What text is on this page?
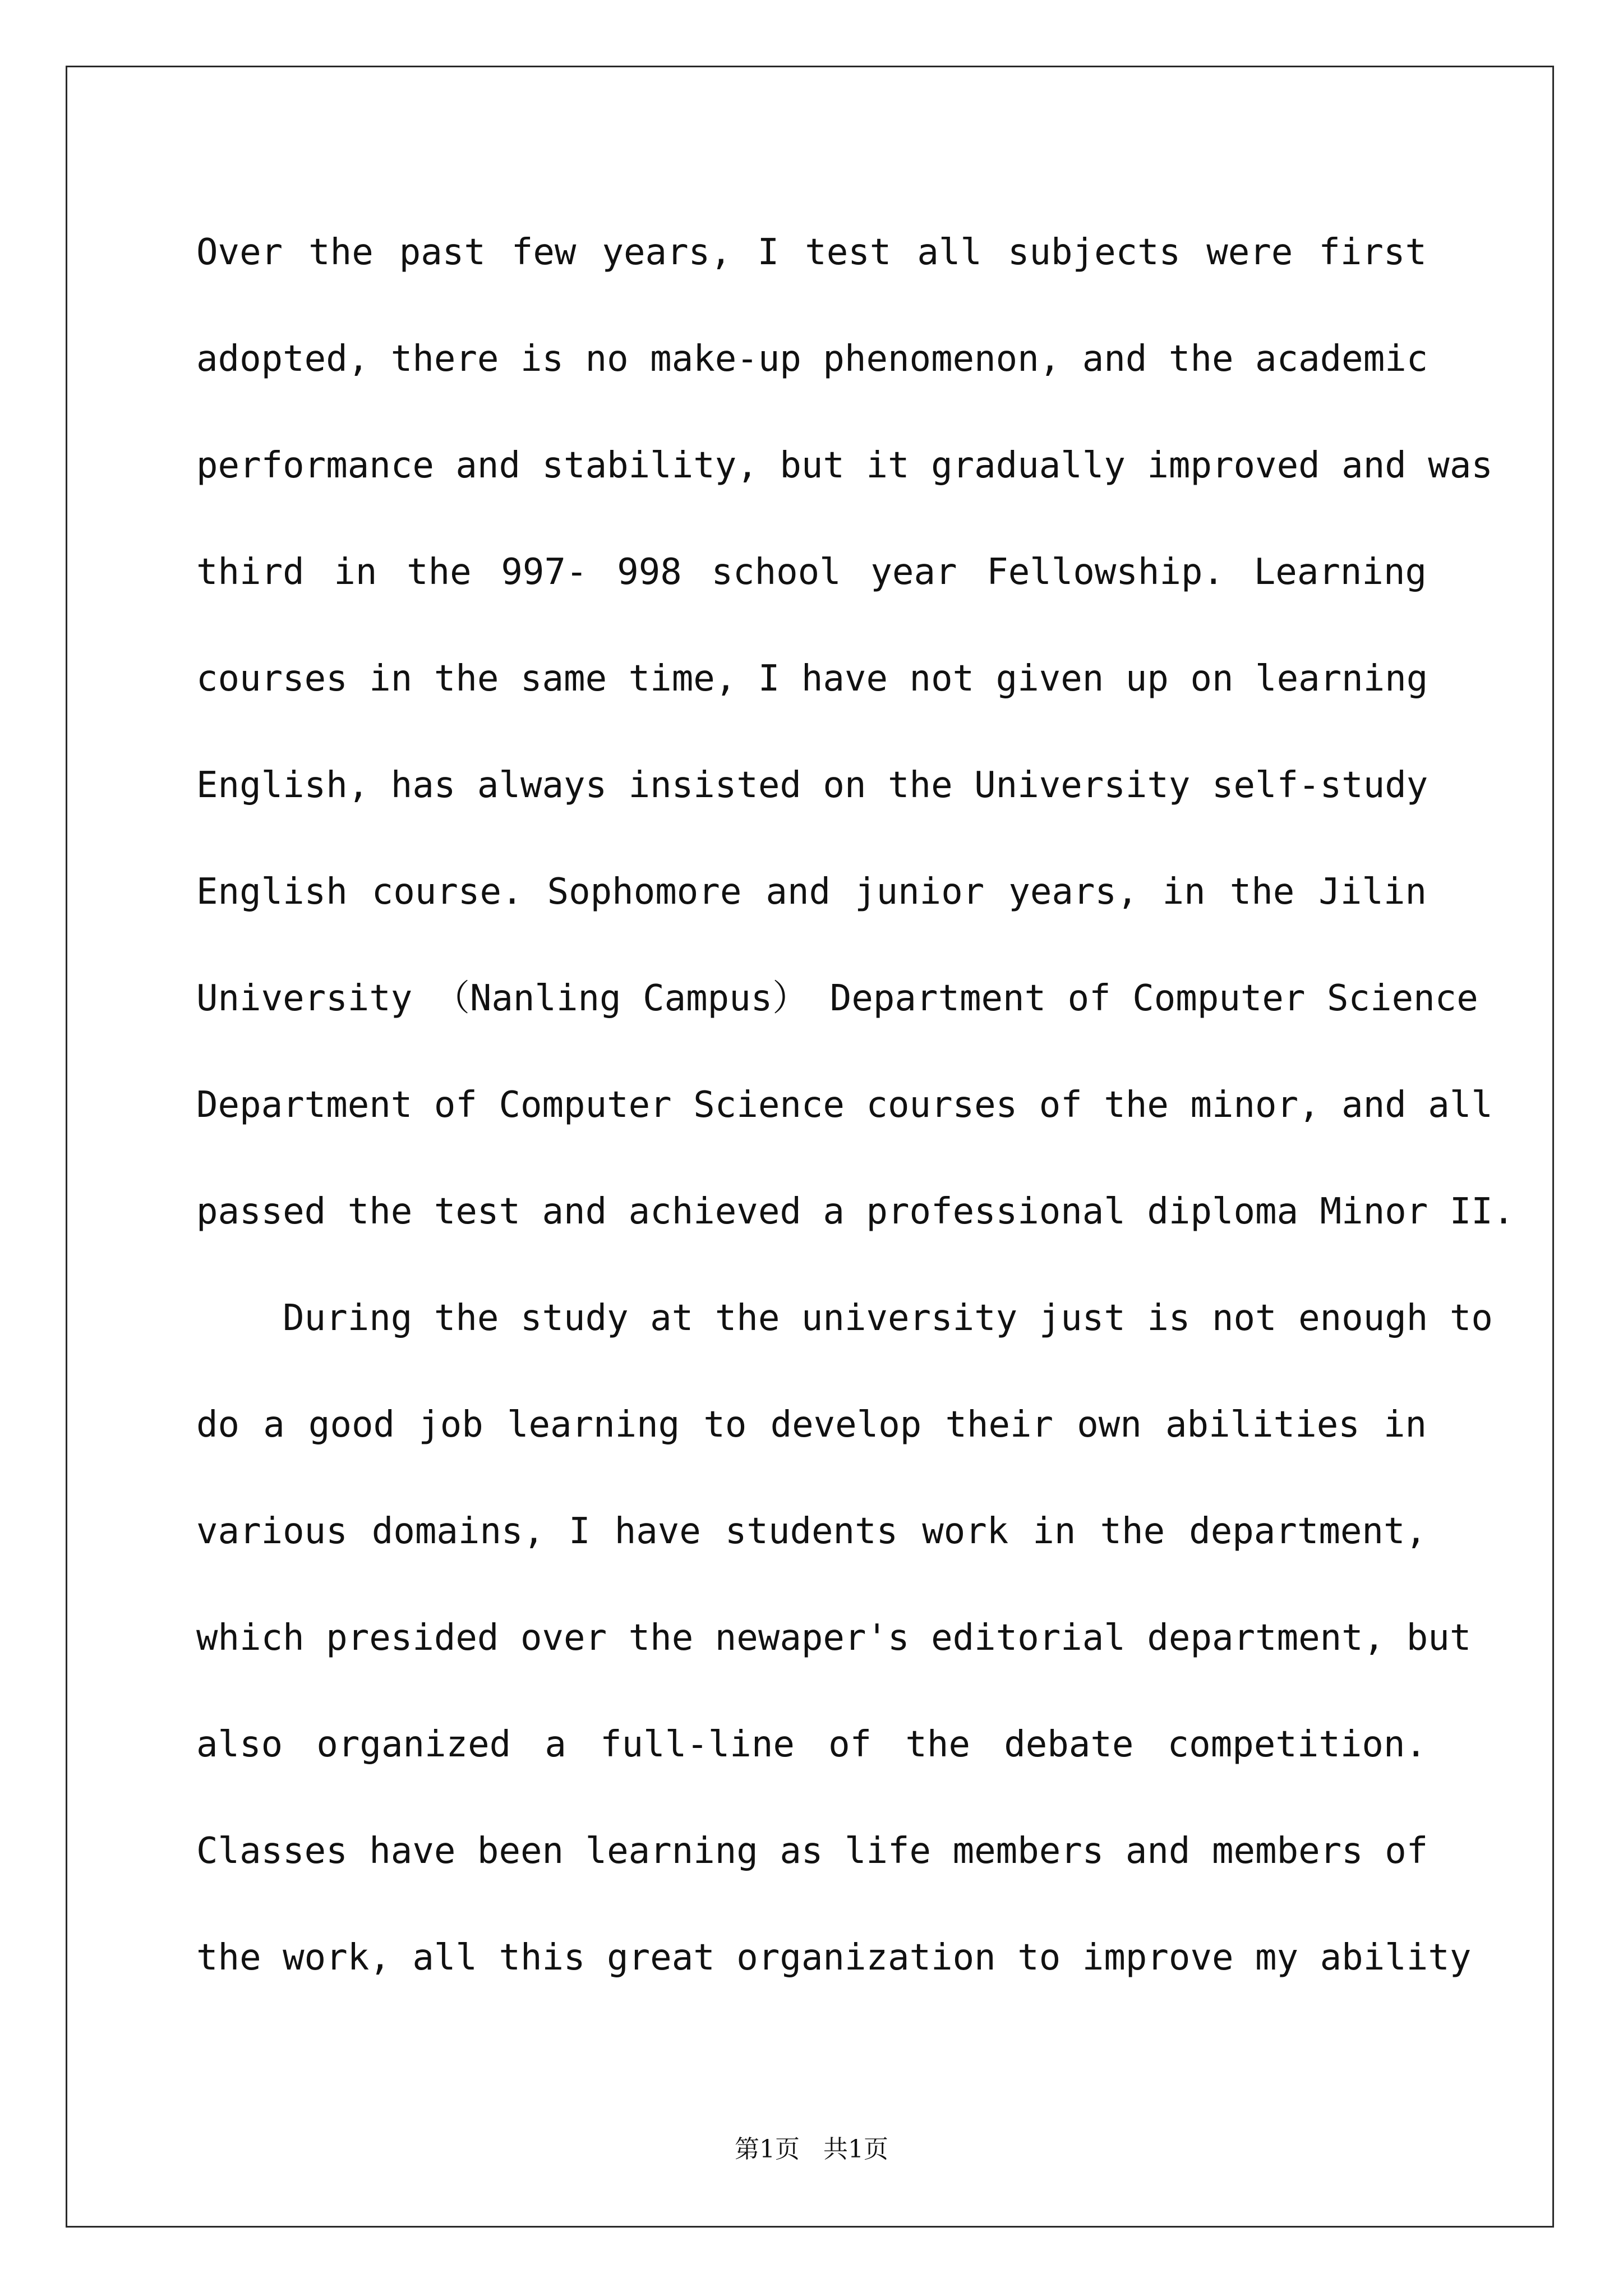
Over the past few years, I test all subjects were first
adopted, there is no make-up phenomenon, and the academic
performance and stability, but it gradually improved and was
third in the 997- 998 school year Fellowship. Learning
courses in the same time, I have not given up on learning
English, has always insisted on the University self-study
English course. Sophomore and junior years, in the Jilin
University （Nanling Campus） Department of Computer Science
Department of Computer Science courses of the minor, and all
passed the test and achieved a professional diploma Minor II.
During the study at the university just is not enough to
do a good job learning to develop their own abilities in
various domains, I have students work in the department,
which presided over the newaper's editorial department, but
also organized a full-line of the debate competition.
Classes have been learning as life members and members of
the work, all this great organization to improve my ability
第1页   共1页
